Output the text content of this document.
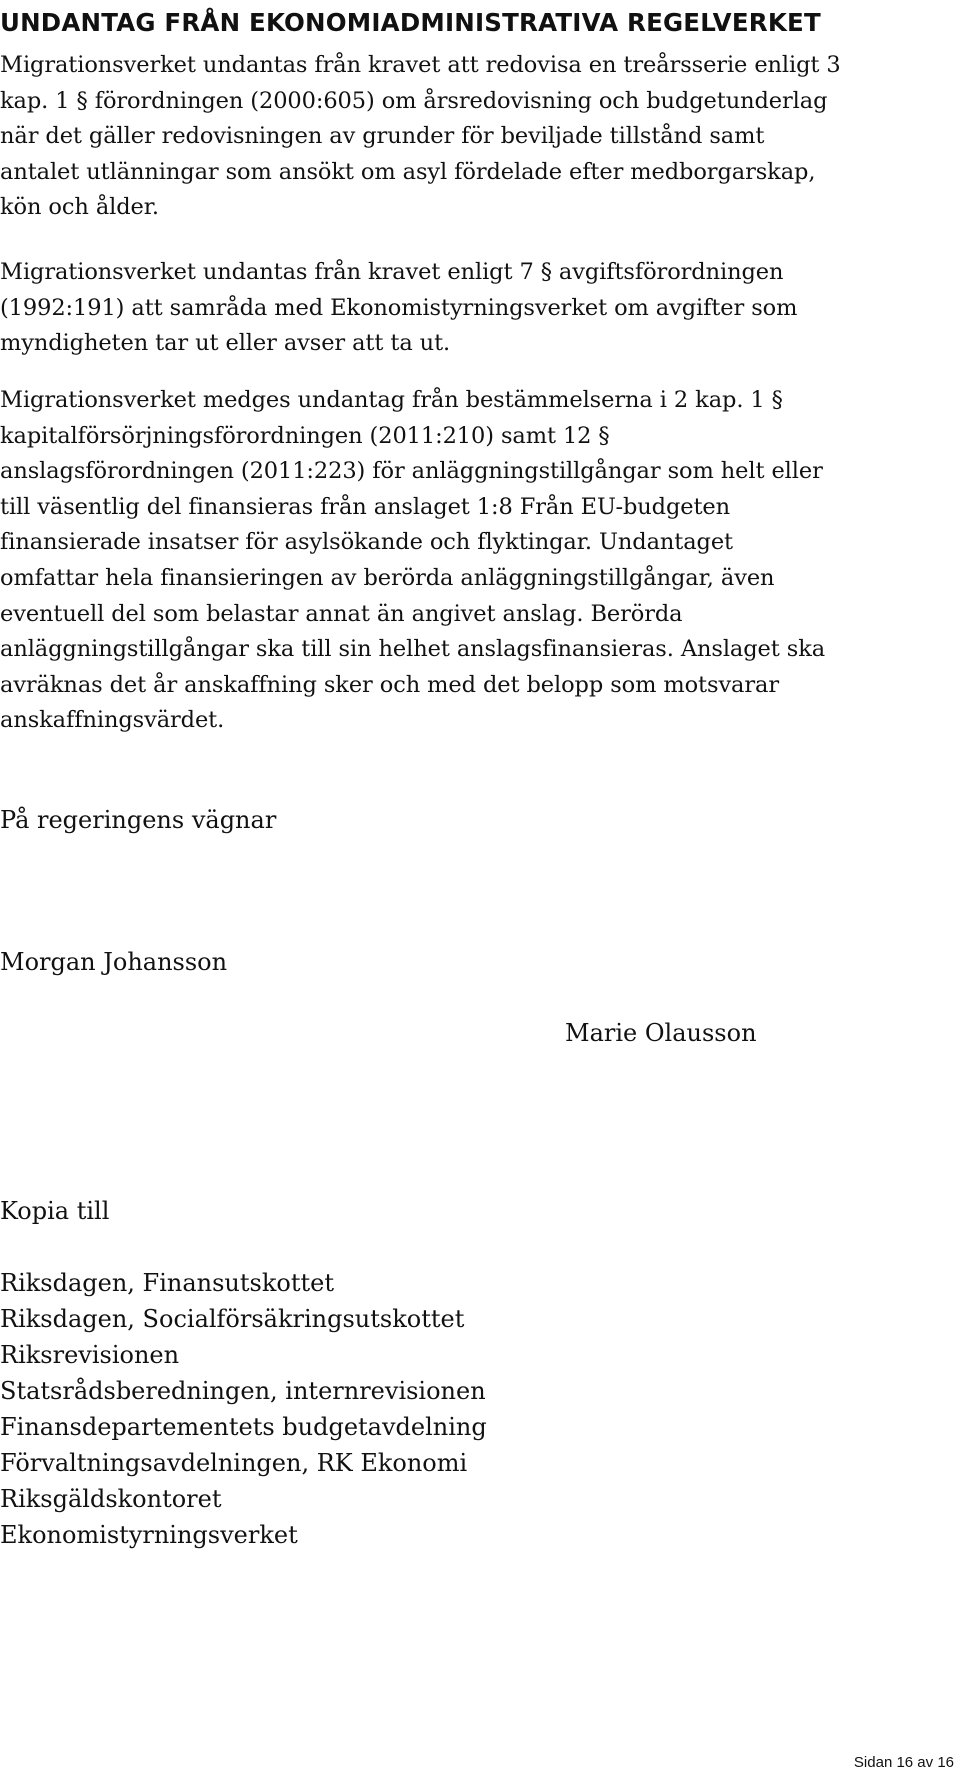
UNDANTAG FRÅN EKONOMIADMINISTRATIVA REGELVERKET
Migrationsverket undantas från kravet att redovisa en treårsserie enligt 3
kap. 1 § förordningen (2000:605) om årsredovisning och budgetunderlag
när det gäller redovisningen av grunder för beviljade tillstånd samt
antalet utlänningar som ansökt om asyl fördelade efter medborgarskap,
kön och ålder.
Migrationsverket undantas från kravet enligt 7 § avgiftsförordningen
(1992:191) att samråda med Ekonomistyrningsverket om avgifter som
myndigheten tar ut eller avser att ta ut.
Migrationsverket medges undantag från bestämmelserna i 2 kap. 1 §
kapitalförsörjningsförordningen (2011:210) samt 12 §
anslagsförordningen (2011:223) för anläggningstillgångar som helt eller
till väsentlig del finansieras från anslaget 1:8 Från EU-budgeten
finansierade insatser för asylsökande och flyktingar. Undantaget
omfattar hela finansieringen av berörda anläggningstillgångar, även
eventuell del som belastar annat än angivet anslag. Berörda
anläggningstillgångar ska till sin helhet anslagsfinansieras. Anslaget ska
avräknas det år anskaffning sker och med det belopp som motsvarar
anskaffningsvärdet.

På regeringens vägnar

Morgan Johansson

Marie Olausson

Kopia till

Riksdagen, Finansutskottet
Riksdagen, Socialförsäkringsutskottet
Riksrevisionen
Statsrådsberedningen, internrevisionen
Finansdepartementets budgetavdelning
Förvaltningsavdelningen, RK Ekonomi
Riksgäldskontoret
Ekonomistyrningsverket

Sidan 16 av 16
